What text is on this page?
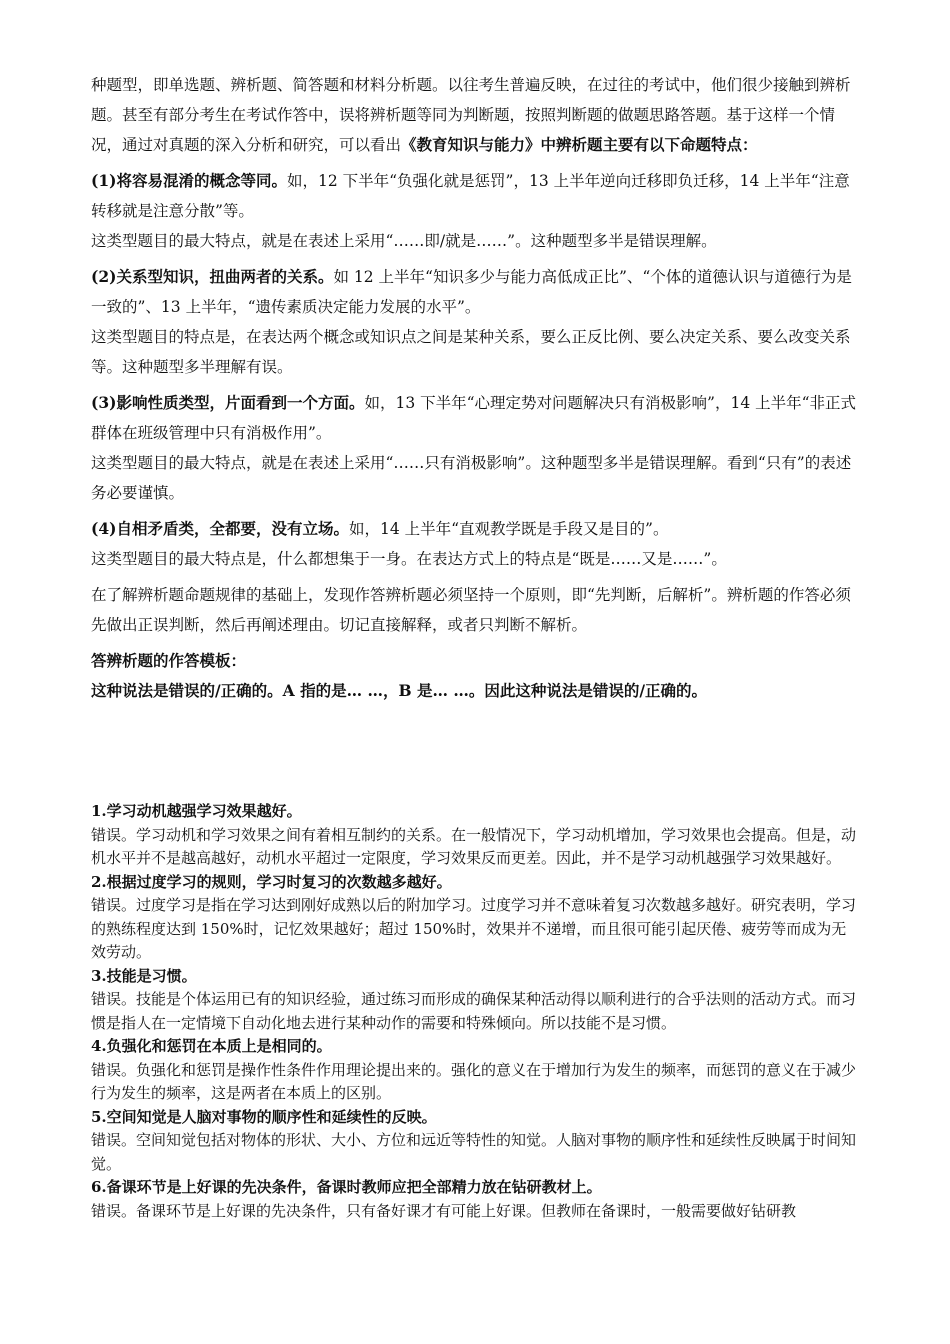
种题型，即单选题、辨析题、简答题和材料分析题。以往考生普遍反映，在过往的考试中，他们很少接触到辨析题。甚至有部分考生在考试作答中，误将辨析题等同为判断题，按照判断题的做题思路答题。基于这样一个情况，通过对真题的深入分析和研究，可以看出《教育知识与能力》中辨析题主要有以下命题特点：

(1)将容易混淆的概念等同。如，12 下半年“负强化就是惩罚”，13 上半年逆向迁移即负迁移，14 上半年“注意转移就是注意分散”等。

这类型题目的最大特点，就是在表述上采用“……即/就是……”。这种题型多半是错误理解。

(2)关系型知识，扭曲两者的关系。如 12 上半年“知识多少与能力高低成正比”、“个体的道德认识与道德行为是一致的”、13 上半年，“遗传素质决定能力发展的水平”。

这类型题目的特点是，在表达两个概念或知识点之间是某种关系，要么正反比例、要么决定关系、要么改变关系等。这种题型多半理解有误。

(3)影响性质类型，片面看到一个方面。如，13 下半年“心理定势对问题解决只有消极影响”，14 上半年“非正式群体在班级管理中只有消极作用”。

这类型题目的最大特点，就是在表述上采用“……只有消极影响”。这种题型多半是错误理解。看到“只有”的表述务必要谨慎。

(4)自相矛盾类，全都要，没有立场。如，14 上半年“直观教学既是手段又是目的”。

这类型题目的最大特点是，什么都想集于一身。在表达方式上的特点是“既是……又是……”。

在了解辨析题命题规律的基础上，发现作答辨析题必须坚持一个原则，即“先判断，后解析”。辨析题的作答必须先做出正误判断，然后再阐述理由。切记直接解释，或者只判断不解析。

答辨析题的作答模板：

这种说法是错误的/正确的。A 指的是… …，B 是… …。因此这种说法是错误的/正确的。

1.学习动机越强学习效果越好。

错误。学习动机和学习效果之间有着相互制约的关系。在一般情况下，学习动机增加，学习效果也会提高。但是，动机水平并不是越高越好，动机水平超过一定限度，学习效果反而更差。因此，并不是学习动机越强学习效果越好。

2.根据过度学习的规则，学习时复习的次数越多越好。

错误。过度学习是指在学习达到刚好成熟以后的附加学习。过度学习并不意味着复习次数越多越好。研究表明，学习的熟练程度达到 150%时，记忆效果越好；超过 150%时，效果并不递增，而且很可能引起厌倦、疲劳等而成为无效劳动。

3.技能是习惯。

错误。技能是个体运用已有的知识经验，通过练习而形成的确保某种活动得以顺利进行的合乎法则的活动方式。而习惯是指人在一定情境下自动化地去进行某种动作的需要和特殊倾向。所以技能不是习惯。

4.负强化和惩罚在本质上是相同的。

错误。负强化和惩罚是操作性条件作用理论提出来的。强化的意义在于增加行为发生的频率，而惩罚的意义在于减少行为发生的频率，这是两者在本质上的区别。

5.空间知觉是人脑对事物的顺序性和延续性的反映。

错误。空间知觉包括对物体的形状、大小、方位和远近等特性的知觉。人脑对事物的顺序性和延续性反映属于时间知觉。

6.备课环节是上好课的先决条件，备课时教师应把全部精力放在钻研教材上。

错误。备课环节是上好课的先决条件，只有备好课才有可能上好课。但教师在备课时，一般需要做好钻研教
